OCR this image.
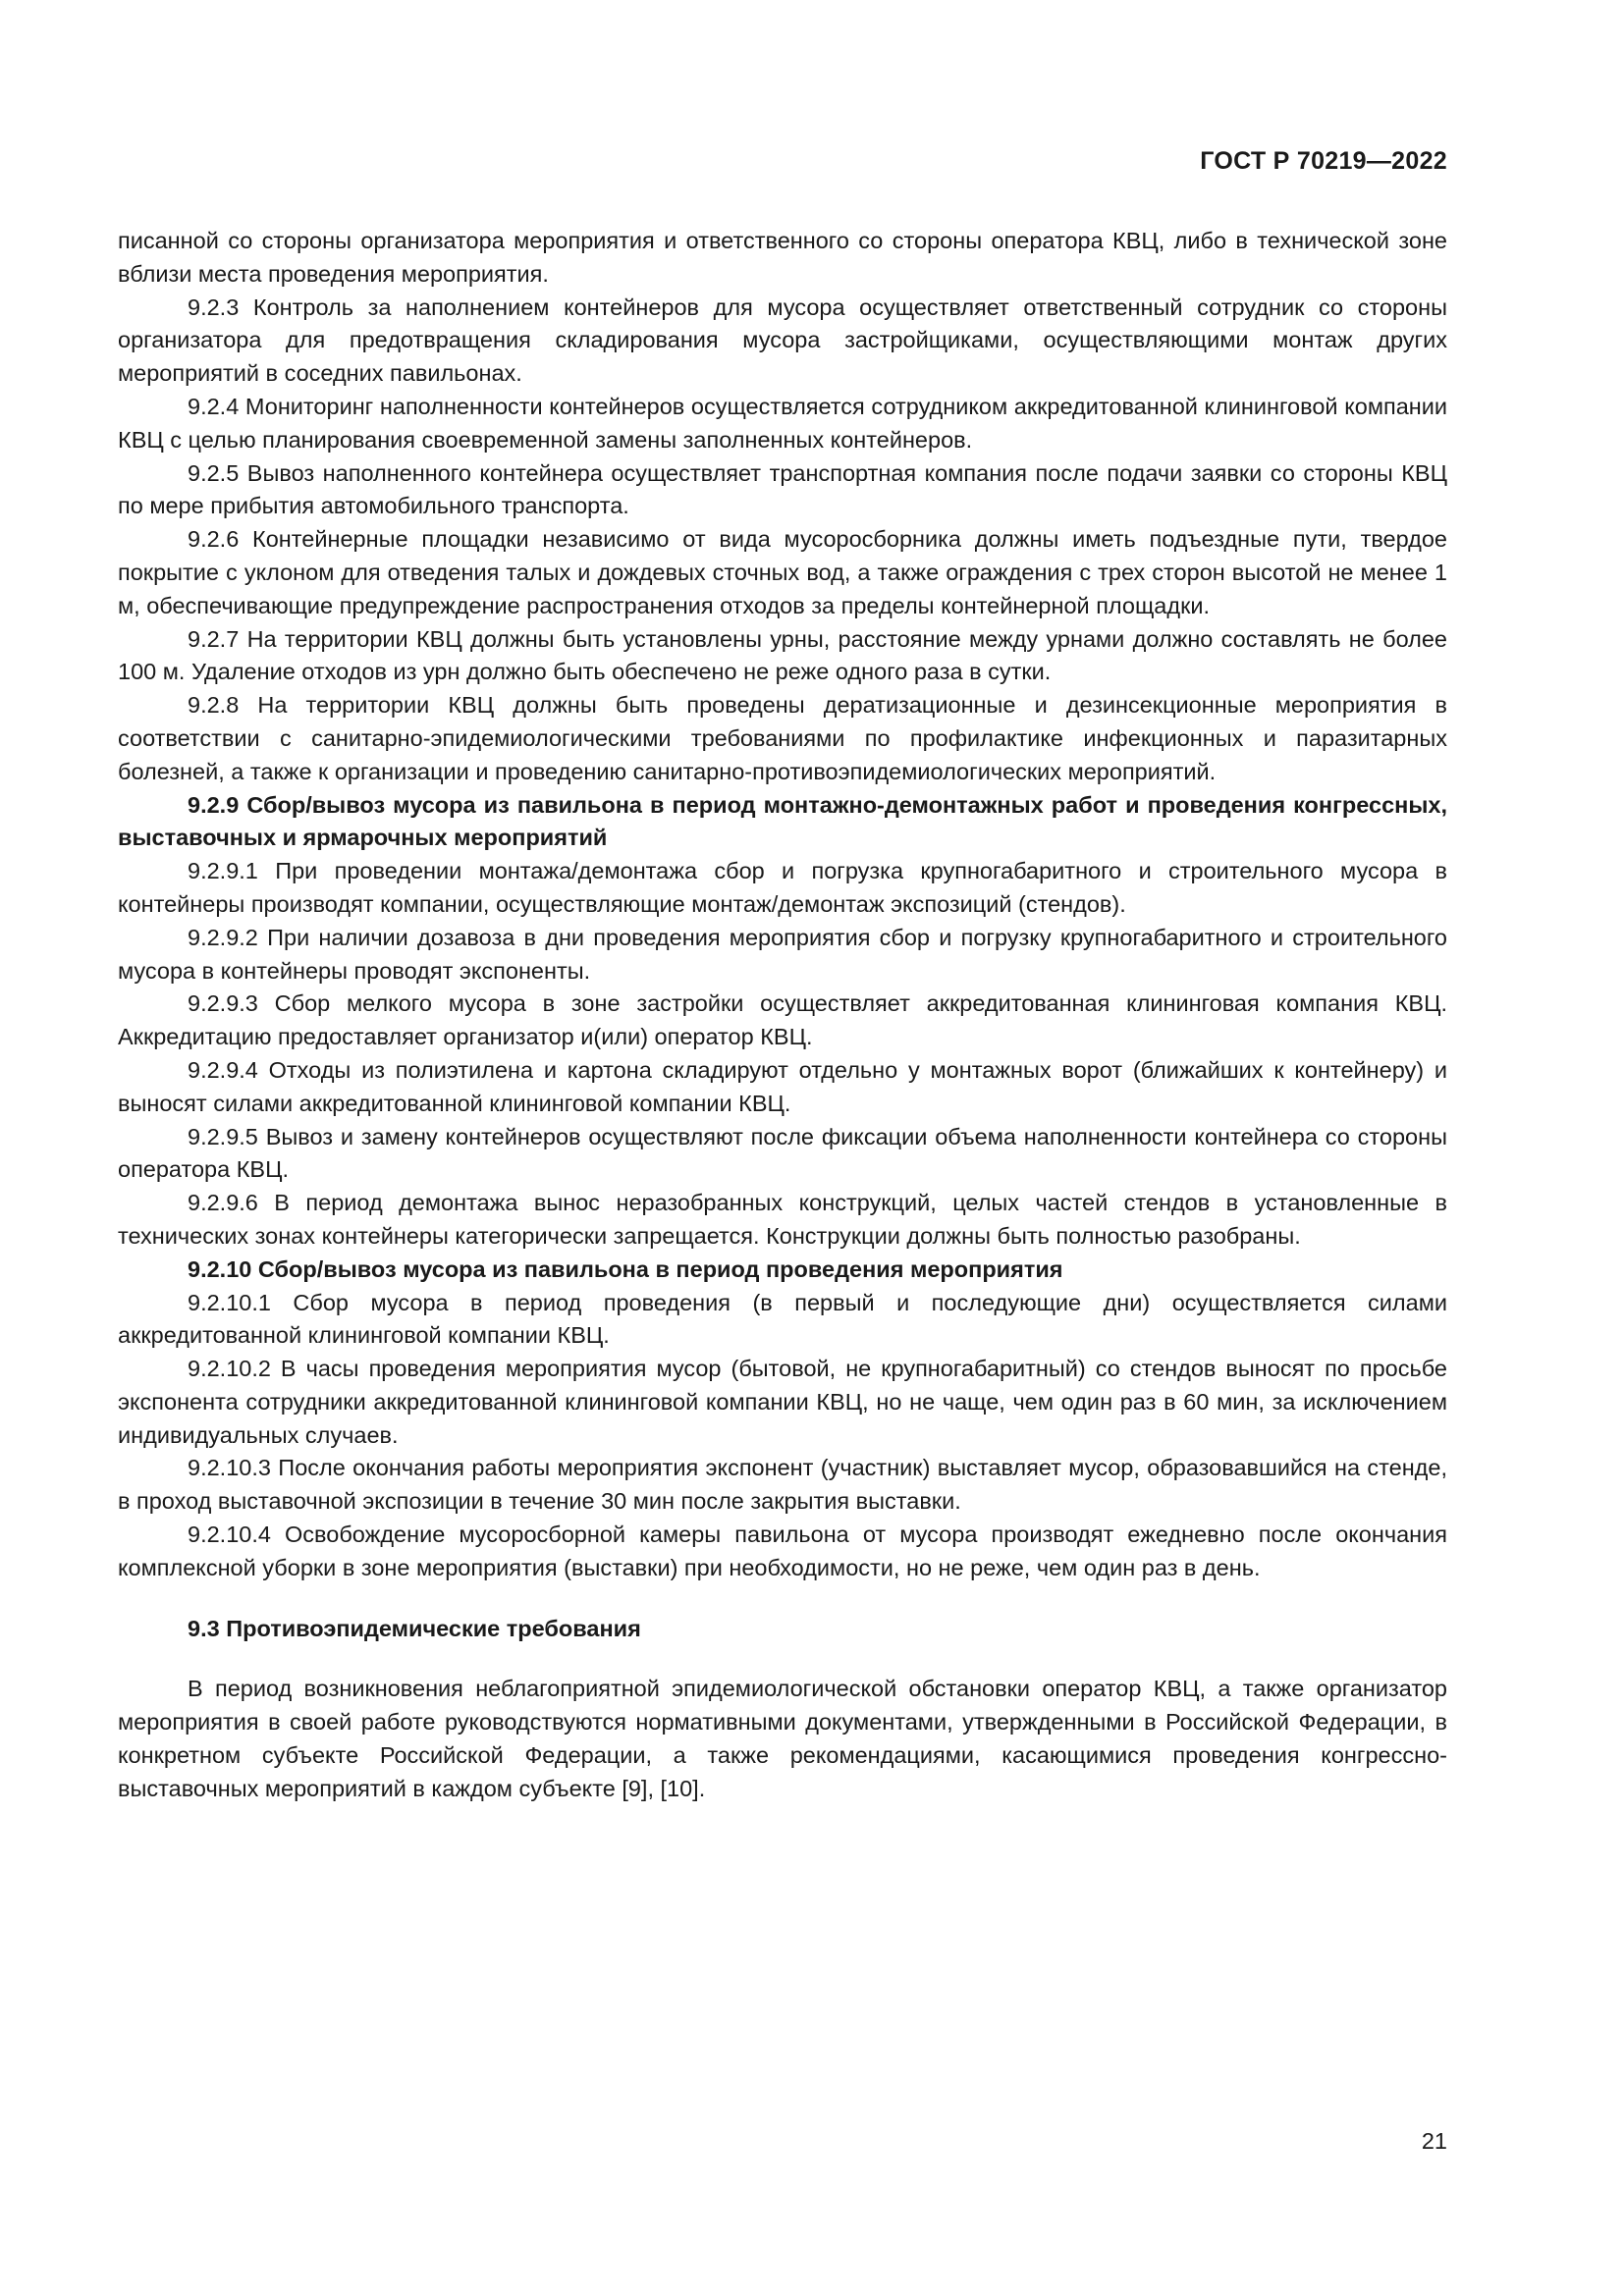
ГОСТ Р 70219—2022

писанной со стороны организатора мероприятия и ответственного со стороны оператора КВЦ, либо в технической зоне вблизи места проведения мероприятия.

9.2.3 Контроль за наполнением контейнеров для мусора осуществляет ответственный сотрудник со стороны организатора для предотвращения складирования мусора застройщиками, осуществляющими монтаж других мероприятий в соседних павильонах.

9.2.4 Мониторинг наполненности контейнеров осуществляется сотрудником аккредитованной клининговой компании КВЦ с целью планирования своевременной замены заполненных контейнеров.

9.2.5 Вывоз наполненного контейнера осуществляет транспортная компания после подачи заявки со стороны КВЦ по мере прибытия автомобильного транспорта.

9.2.6 Контейнерные площадки независимо от вида мусоросборника должны иметь подъездные пути, твердое покрытие с уклоном для отведения талых и дождевых сточных вод, а также ограждения с трех сторон высотой не менее 1 м, обеспечивающие предупреждение распространения отходов за пределы контейнерной площадки.

9.2.7 На территории КВЦ должны быть установлены урны, расстояние между урнами должно составлять не более 100 м. Удаление отходов из урн должно быть обеспечено не реже одного раза в сутки.

9.2.8 На территории КВЦ должны быть проведены дератизационные и дезинсекционные мероприятия в соответствии с санитарно-эпидемиологическими требованиями по профилактике инфекционных и паразитарных болезней, а также к организации и проведению санитарно-противоэпидемиологических мероприятий.

9.2.9 Сбор/вывоз мусора из павильона в период монтажно-демонтажных работ и проведения конгрессных, выставочных и ярмарочных мероприятий

9.2.9.1 При проведении монтажа/демонтажа сбор и погрузка крупногабаритного и строительного мусора в контейнеры производят компании, осуществляющие монтаж/демонтаж экспозиций (стендов).

9.2.9.2 При наличии дозавоза в дни проведения мероприятия сбор и погрузку крупногабаритного и строительного мусора в контейнеры проводят экспоненты.

9.2.9.3 Сбор мелкого мусора в зоне застройки осуществляет аккредитованная клининговая компания КВЦ. Аккредитацию предоставляет организатор и(или) оператор КВЦ.

9.2.9.4 Отходы из полиэтилена и картона складируют отдельно у монтажных ворот (ближайших к контейнеру) и выносят силами аккредитованной клининговой компании КВЦ.

9.2.9.5 Вывоз и замену контейнеров осуществляют после фиксации объема наполненности контейнера со стороны оператора КВЦ.

9.2.9.6 В период демонтажа вынос неразобранных конструкций, целых частей стендов в установленные в технических зонах контейнеры категорически запрещается. Конструкции должны быть полностью разобраны.

9.2.10 Сбор/вывоз мусора из павильона в период проведения мероприятия

9.2.10.1 Сбор мусора в период проведения (в первый и последующие дни) осуществляется силами аккредитованной клининговой компании КВЦ.

9.2.10.2 В часы проведения мероприятия мусор (бытовой, не крупногабаритный) со стендов выносят по просьбе экспонента сотрудники аккредитованной клининговой компании КВЦ, но не чаще, чем один раз в 60 мин, за исключением индивидуальных случаев.

9.2.10.3 После окончания работы мероприятия экспонент (участник) выставляет мусор, образовавшийся на стенде, в проход выставочной экспозиции в течение 30 мин после закрытия выставки.

9.2.10.4 Освобождение мусоросборной камеры павильона от мусора производят ежедневно после окончания комплексной уборки в зоне мероприятия (выставки) при необходимости, но не реже, чем один раз в день.

9.3 Противоэпидемические требования

В период возникновения неблагоприятной эпидемиологической обстановки оператор КВЦ, а также организатор мероприятия в своей работе руководствуются нормативными документами, утвержденными в Российской Федерации, в конкретном субъекте Российской Федерации, а также рекомендациями, касающимися проведения конгрессно-выставочных мероприятий в каждом субъекте [9], [10].

21
